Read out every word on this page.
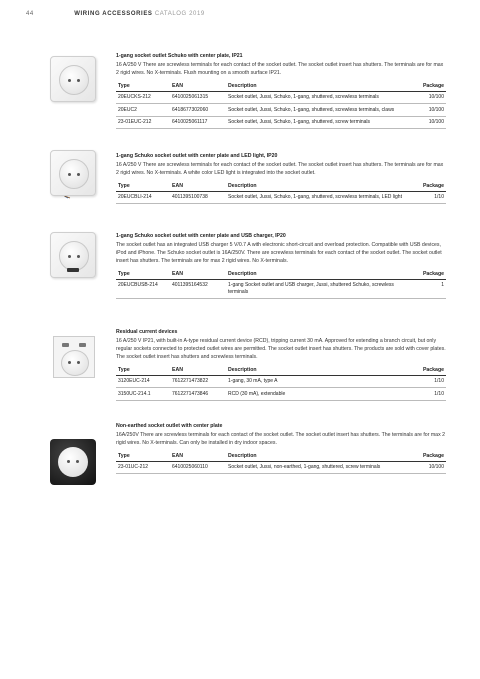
44	WIRING ACCESSORIES CATALOG 2019

1-gang socket outlet Schuko with center plate, IP21

16 A/250 V There are screwless terminals for each contact of the socket outlet. The socket outlet insert has shutters. The terminals are for max 2 rigid wires. No X-terminals. Flush mounting on a smooth surface IP21.

Type	EAN	Description	Package
20EUCKS-212	6410025061315	Socket outlet, Jussi, Schuko, 1-gang, shuttered, screwless terminals	10/100
20EUC2	6418677302060	Socket outlet, Jussi, Schuko, 1-gang, shuttered, screwless terminals, claws	10/100
23-01EUC-212	6410025061117	Socket outlet, Jussi, Schuko, 1-gang, shuttered, screw terminals	10/100

1-gang Schuko socket outlet with center plate and LED light, IP20

16 A/250 V There are screwless terminals for each contact of the socket outlet. The socket outlet insert has shutters. The terminals are for max 2 rigid wires. No X-terminals. A white color LED light is integrated into the socket outlet.

Type	EAN	Description	Package
20EUCBLI-214	4011395100738	Socket outlet, Jussi, Schuko, 1-gang, shuttered, screwless terminals, LED light	1/10

1-gang Schuko socket outlet with center plate and USB charger, IP20

The socket outlet has an integrated USB charger 5 V/0.7 A with electronic short-circuit and overload protection. Compatible with USB devices, iPod and iPhone. The Schuko socket outlet is 16A/250V. There are screwless terminals for each contact of the socket outlet. The socket outlet insert has shutters. The terminals are for max 2 rigid wires. No X-terminals.

Type	EAN	Description	Package
20EUCBUSB-214	4011395164532	1-gang Socket outlet and USB charger, Jussi, shuttered Schuko, screwless terminals	1

Residual current devices

16 A/250 V IP21, with built-in A-type residual current device (RCD), tripping current 30 mA. Approved for extending a branch circuit, but only regular sockets connected to protected outlet wires are permitted. The socket outlet insert has shutters. The products are sold with cover plates. The socket outlet insert has shutters and screwless terminals.

Type	EAN	Description	Package
3120EUC-214	7612271473822	1-gang, 30 mA, type A	1/10
3150UC-214.1	7612271473846	RCD (30 mA), extendable	1/10

Non-earthed socket outlet with center plate

16A/250V There are screwless terminals for each contact of the socket outlet. The socket outlet insert has shutters. The terminals are for max 2 rigid wires. No X-terminals. Can only be installed in dry indoor spaces.

Type	EAN	Description	Package
23-01UC-212	6410025060110	Socket outlet, Jussi, non-earthed, 1-gang, shuttered, screw terminals	10/100
